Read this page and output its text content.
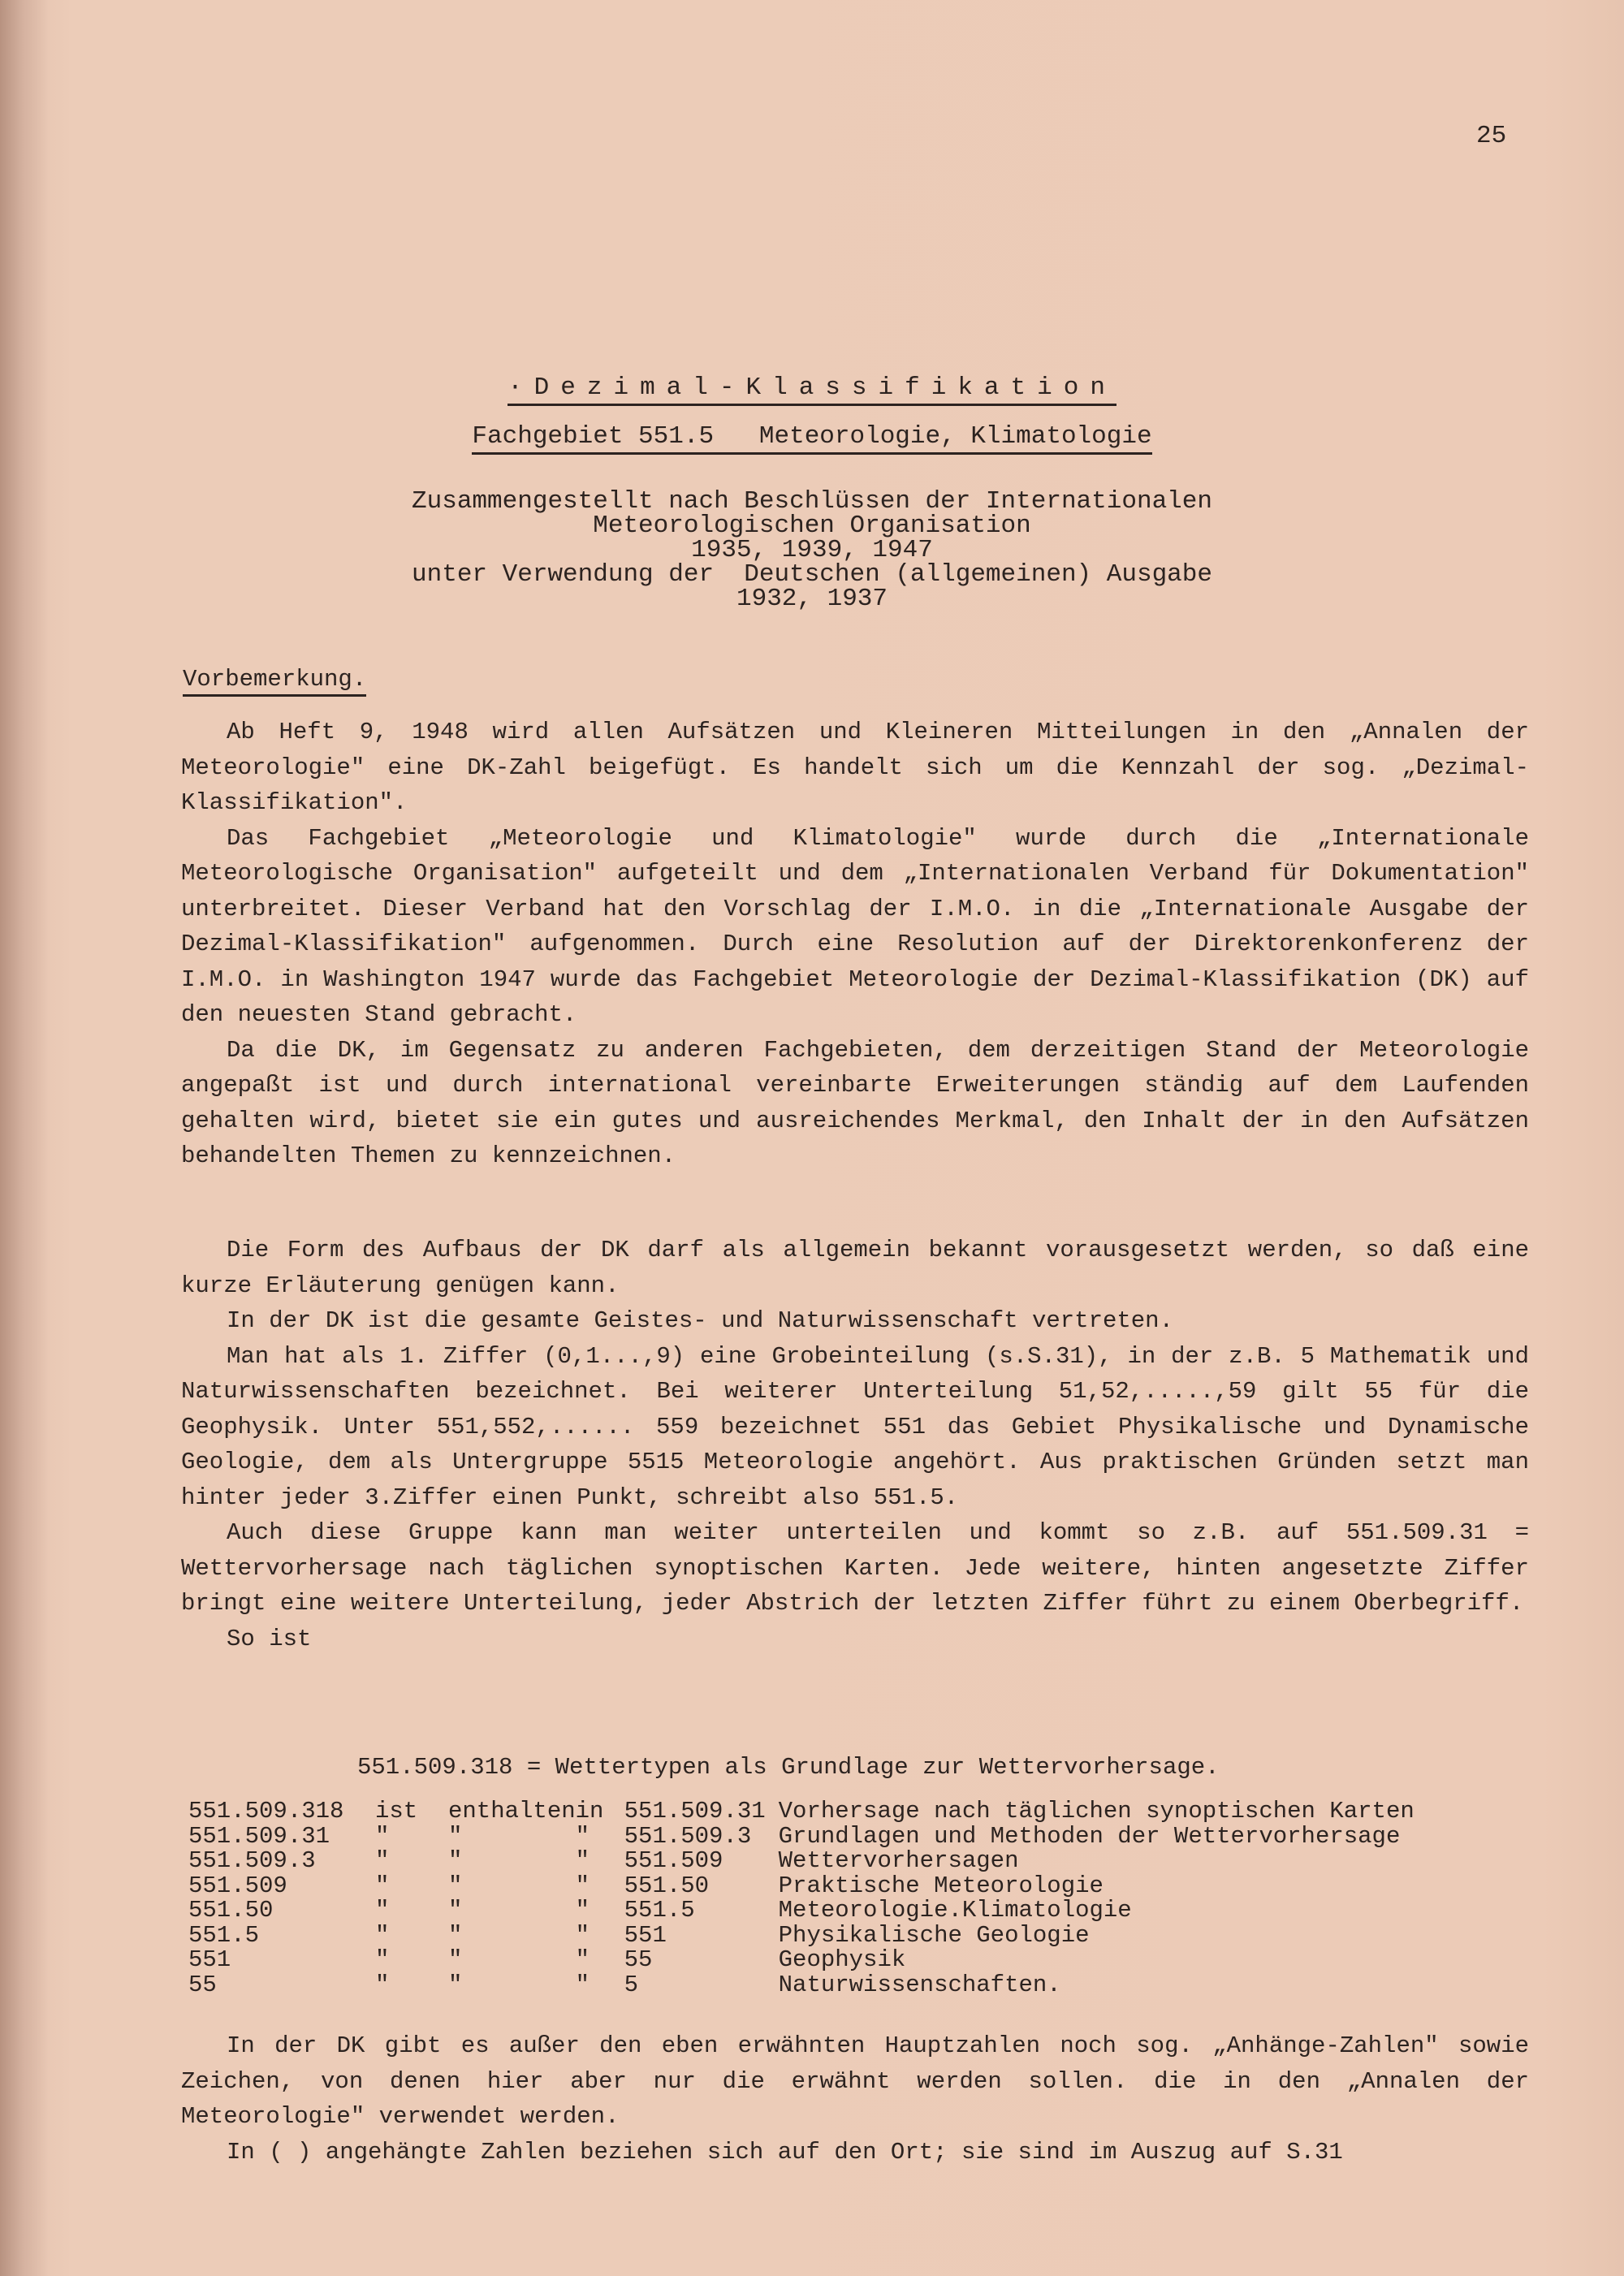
25
·Dezimal-Klassifikation
Fachgebiet 551.5   Meteorologie, Klimatologie
Zusammengestellt nach Beschlüssen der Internationalen
Meteorologischen Organisation
1935, 1939, 1947
unter Verwendung der  Deutschen (allgemeinen) Ausgabe
1932, 1937
Vorbemerkung.

Ab Heft 9, 1948 wird allen Aufsätzen und Kleineren Mitteilungen in den „Annalen der Meteorologie" eine DK-Zahl beigefügt. Es handelt sich um die Kennzahl der sog. „Dezimal-Klassifikation".

Das Fachgebiet „Meteorologie und Klimatologie" wurde durch die „Internationale Meteorologische Organisation" aufgeteilt und dem „Internationalen Verband für Dokumentation" unterbreitet. Dieser Verband hat den Vorschlag der I.M.O. in die „Internationale Ausgabe der Dezimal-Klassifikation" aufgenommen. Durch eine Resolution auf der Direktorenkonferenz der I.M.O. in Washington 1947 wurde das Fachgebiet Meteorologie der Dezimal-Klassifikation (DK) auf den neuesten Stand gebracht.

Da die DK, im Gegensatz zu anderen Fachgebieten, dem derzeitigen Stand der Meteorologie angepaßt ist und durch international vereinbarte Erweiterungen ständig auf dem Laufenden gehalten wird, bietet sie ein gutes und ausreichendes Merkmal, den Inhalt der in den Aufsätzen behandelten Themen zu kennzeichnen.

Die Form des Aufbaus der DK darf als allgemein bekannt vorausgesetzt werden, so daß eine kurze Erläuterung genügen kann.

In der DK ist die gesamte Geistes- und Naturwissenschaft vertreten.

Man hat als 1. Ziffer (0,1...,9) eine Grobeinteilung (s.S.31), in der z.B. 5 Mathematik und Naturwissenschaften bezeichnet. Bei weiterer Unterteilung 51,52,.....,59 gilt 55 für die Geophysik. Unter 551,552,...... 559 bezeichnet 551 das Gebiet Physikalische und Dynamische Geologie, dem als Untergruppe 5515 Meteorologie angehört. Aus praktischen Gründen setzt man hinter jeder 3.Ziffer einen Punkt, schreibt also 551.5.

Auch diese Gruppe kann man weiter unterteilen und kommt so z.B. auf 551.509.31 = Wettervorhersage nach täglichen synoptischen Karten. Jede weitere, hinten angesetzte Ziffer bringt eine weitere Unterteilung, jeder Abstrich der letzten Ziffer führt zu einem Oberbegriff.

So ist

551.509.318 = Wettertypen als Grundlage zur Wettervorhersage.
551.509.318	ist	enthalten	in	551.509.31	Vorhersage nach täglichen synoptischen Karten
551.509.31	"	"	"	551.509.3	Grundlagen und Methoden der Wettervorhersage
551.509.3	"	"	"	551.509	Wettervorhersagen
551.509	"	"	"	551.50	Praktische Meteorologie
551.50	"	"	"	551.5	Meteorologie.Klimatologie
551.5	"	"	"	551	Physikalische Geologie
551	"	"	"	55	Geophysik
55	"	"	"	5	Naturwissenschaften.

In der DK gibt es außer den eben erwähnten Hauptzahlen noch sog. „Anhänge-Zahlen" sowie Zeichen, von denen hier aber nur die erwähnt werden sollen. die in den „Annalen der Meteorologie" verwendet werden.

In ( ) angehängte Zahlen beziehen sich auf den Ort; sie sind im Auszug auf S.31
